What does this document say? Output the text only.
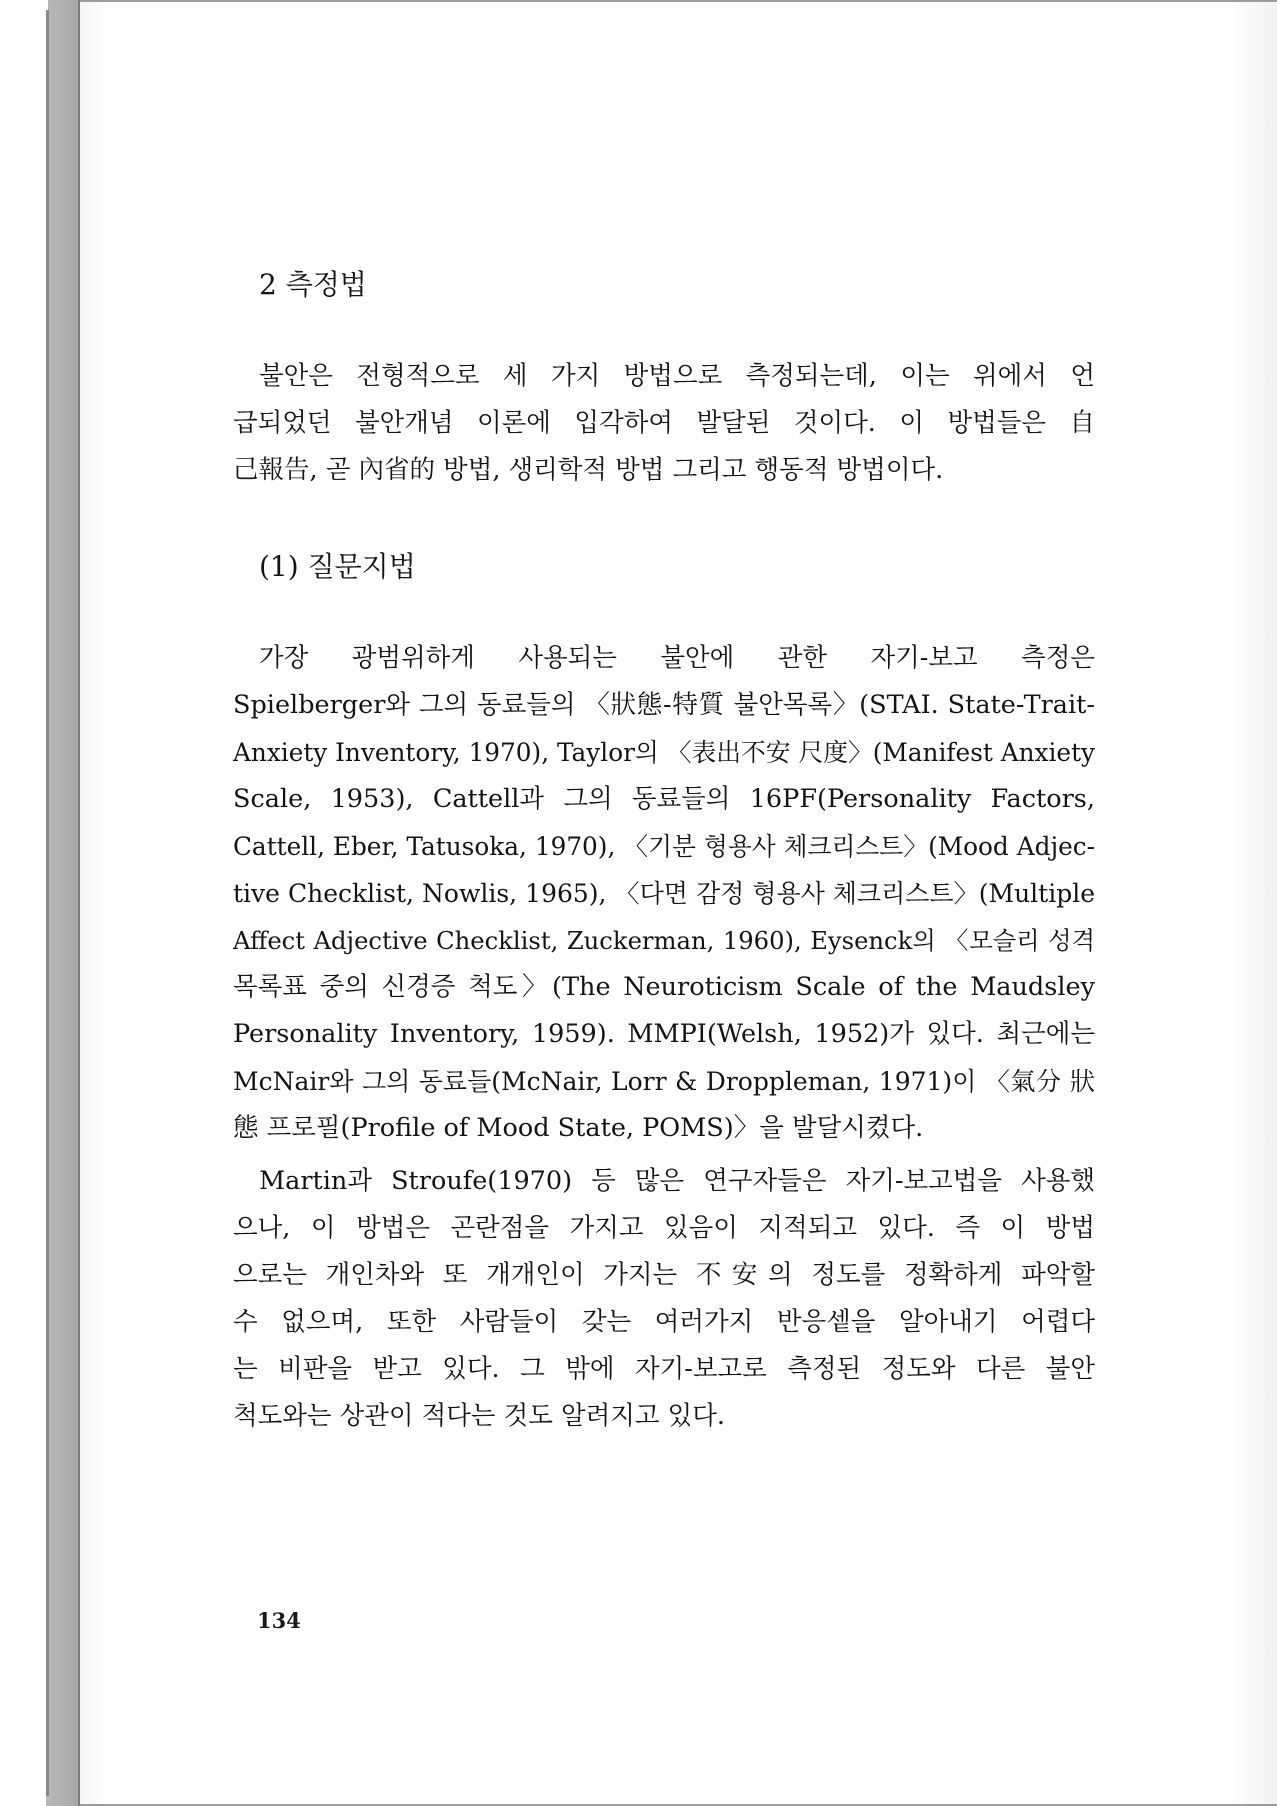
2 측정법

불안은 전형적으로 세 가지 방법으로 측정되는데, 이는 위에서 언
급되었던 불안개념 이론에 입각하여 발달된 것이다. 이 방법들은 自
己報告, 곧 內省的 방법, 생리학적 방법 그리고 행동적 방법이다.

(1) 질문지법

가장 광범위하게 사용되는 불안에 관한 자기-보고 측정은
Spielberger와 그의 동료들의 〈狀態-特質 불안목록〉(STAI. State-Trait-
Anxiety Inventory, 1970), Taylor의 〈表出不安 尺度〉(Manifest Anxiety
Scale, 1953), Cattell과 그의 동료들의 16PF(Personality Factors,
Cattell, Eber, Tatusoka, 1970), 〈기분 형용사 체크리스트〉(Mood Adjec-
tive Checklist, Nowlis, 1965), 〈다면 감정 형용사 체크리스트〉(Multiple
Affect Adjective Checklist, Zuckerman, 1960), Eysenck의 〈모슬리 성격
목록표 중의 신경증 척도〉(The Neuroticism Scale of the Maudsley
Personality Inventory, 1959). MMPI(Welsh, 1952)가 있다. 최근에는
McNair와 그의 동료들(McNair, Lorr & Droppleman, 1971)이 〈氣分 狀
態 프로필(Profile of Mood State, POMS)〉을 발달시켰다.

Martin과 Stroufe(1970) 등 많은 연구자들은 자기-보고법을 사용했
으나, 이 방법은 곤란점을 가지고 있음이 지적되고 있다. 즉 이 방법
으로는 개인차와 또 개개인이 가지는 不安의 정도를 정확하게 파악할
수 없으며, 또한 사람들이 갖는 여러가지 반응셑을 알아내기 어렵다
는 비판을 받고 있다. 그 밖에 자기-보고로 측정된 정도와 다른 불안
척도와는 상관이 적다는 것도 알려지고 있다.

134
